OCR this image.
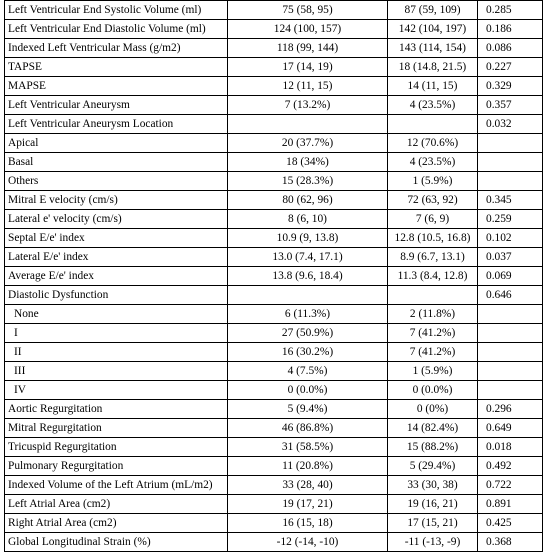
Left Ventricular End Systolic Volume (ml)	75 (58, 95)	87 (59, 109)	0.285
Left Ventricular End Diastolic Volume (ml)	124 (100, 157)	142 (104, 197)	0.186
Indexed Left Ventricular Mass (g/m2)	118 (99, 144)	143 (114, 154)	0.086
TAPSE	17 (14, 19)	18 (14.8, 21.5)	0.227
MAPSE	12 (11, 15)	14 (11, 15)	0.329
Left Ventricular Aneurysm	7 (13.2%)	4 (23.5%)	0.357
Left Ventricular Aneurysm Location			0.032
Apical	20 (37.7%)	12 (70.6%)	
Basal	18 (34%)	4 (23.5%)	
Others	15 (28.3%)	1 (5.9%)	
Mitral E velocity (cm/s)	80 (62, 96)	72 (63, 92)	0.345
Lateral e' velocity (cm/s)	8 (6, 10)	7 (6, 9)	0.259
Septal E/e' index	10.9 (9, 13.8)	12.8 (10.5, 16.8)	0.102
Lateral E/e' index	13.0 (7.4, 17.1)	8.9 (6.7, 13.1)	0.037
Average E/e' index	13.8 (9.6, 18.4)	11.3 (8.4, 12.8)	0.069
Diastolic Dysfunction			0.646
None	6 (11.3%)	2 (11.8%)	
I	27 (50.9%)	7 (41.2%)	
II	16 (30.2%)	7 (41.2%)	
III	4 (7.5%)	1 (5.9%)	
IV	0 (0.0%)	0 (0.0%)	
Aortic Regurgitation	5 (9.4%)	0 (0%)	0.296
Mitral Regurgitation	46 (86.8%)	14 (82.4%)	0.649
Tricuspid Regurgitation	31 (58.5%)	15 (88.2%)	0.018
Pulmonary Regurgitation	11 (20.8%)	5 (29.4%)	0.492
Indexed Volume of the Left Atrium (mL/m2)	33 (28, 40)	33 (30, 38)	0.722
Left Atrial Area (cm2)	19 (17, 21)	19 (16, 21)	0.891
Right Atrial Area (cm2)	16 (15, 18)	17 (15, 21)	0.425
Global Longitudinal Strain (%)	-12 (-14, -10)	-11 (-13, -9)	0.368
